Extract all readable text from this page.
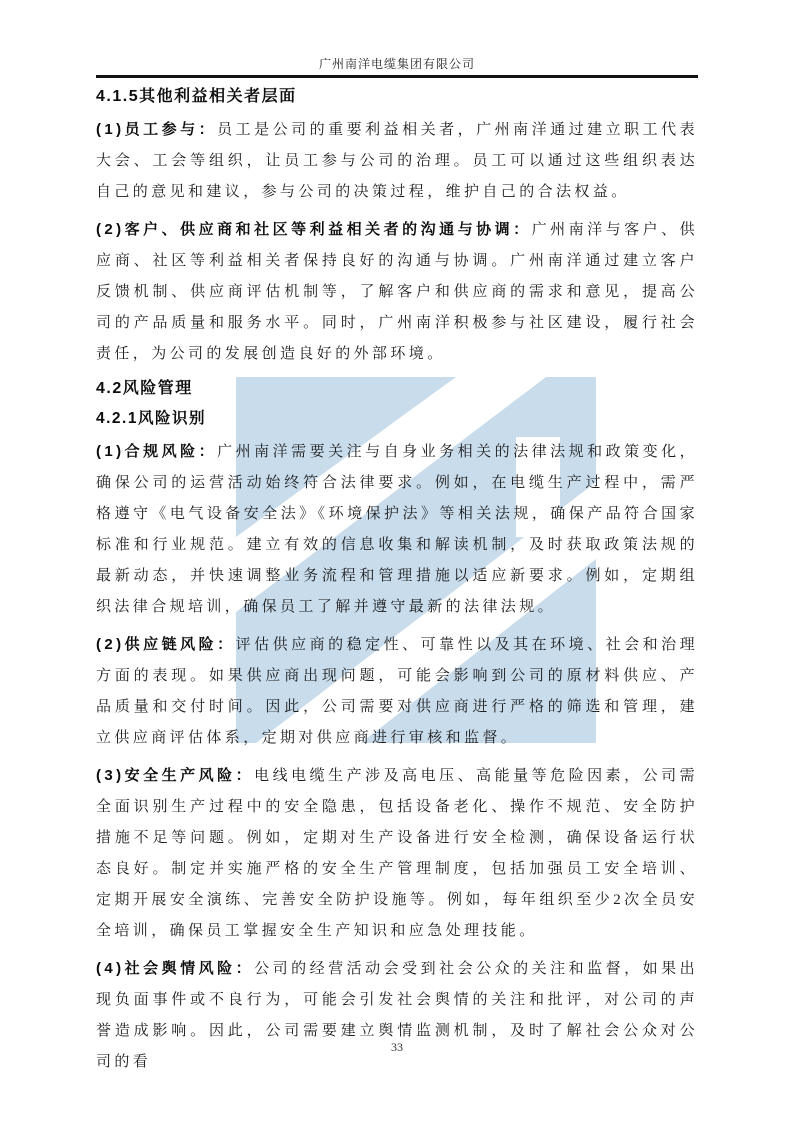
广州南洋电缆集团有限公司
4.1.5其他利益相关者层面

(1)员工参与：员工是公司的重要利益相关者，广州南洋通过建立职工代表大会、工会等组织，让员工参与公司的治理。员工可以通过这些组织表达自己的意见和建议，参与公司的决策过程，维护自己的合法权益。

(2)客户、供应商和社区等利益相关者的沟通与协调：广州南洋与客户、供应商、社区等利益相关者保持良好的沟通与协调。广州南洋通过建立客户反馈机制、供应商评估机制等，了解客户和供应商的需求和意见，提高公司的产品质量和服务水平。同时，广州南洋积极参与社区建设，履行社会责任，为公司的发展创造良好的外部环境。

4.2风险管理
4.2.1风险识别

(1)合规风险：广州南洋需要关注与自身业务相关的法律法规和政策变化，确保公司的运营活动始终符合法律要求。例如，在电缆生产过程中，需严格遵守《电气设备安全法》《环境保护法》等相关法规，确保产品符合国家标准和行业规范。建立有效的信息收集和解读机制，及时获取政策法规的最新动态，并快速调整业务流程和管理措施以适应新要求。例如，定期组织法律合规培训，确保员工了解并遵守最新的法律法规。

(2)供应链风险：评估供应商的稳定性、可靠性以及其在环境、社会和治理方面的表现。如果供应商出现问题，可能会影响到公司的原材料供应、产品质量和交付时间。因此，公司需要对供应商进行严格的筛选和管理，建立供应商评估体系，定期对供应商进行审核和监督。

(3)安全生产风险：电线电缆生产涉及高电压、高能量等危险因素，公司需全面识别生产过程中的安全隐患，包括设备老化、操作不规范、安全防护措施不足等问题。例如，定期对生产设备进行安全检测，确保设备运行状态良好。制定并实施严格的安全生产管理制度，包括加强员工安全培训、定期开展安全演练、完善安全防护设施等。例如，每年组织至少2次全员安全培训，确保员工掌握安全生产知识和应急处理技能。

(4)社会舆情风险：公司的经营活动会受到社会公众的关注和监督，如果出现负面事件或不良行为，可能会引发社会舆情的关注和批评，对公司的声誉造成影响。因此，公司需要建立舆情监测机制，及时了解社会公众对公司的看

33
